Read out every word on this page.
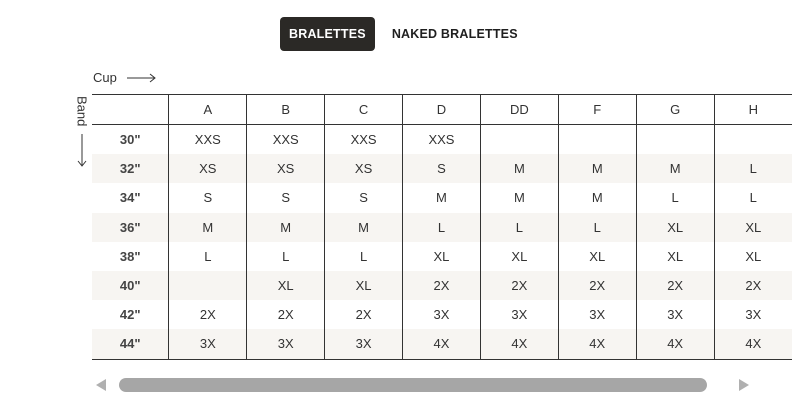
BRALETTES	NAKED BRALETTES
Cup
Band
		A	B	C	D	DD	F	G	H
30"	XXS	XXS	XXS	XXS				
32"	XS	XS	XS	S	M	M	M	L
34"	S	S	S	M	M	M	L	L
36"	M	M	M	L	L	L	XL	XL
38"	L	L	L	XL	XL	XL	XL	XL
40"		XL	XL	2X	2X	2X	2X	2X
42"	2X	2X	2X	3X	3X	3X	3X	3X
44"	3X	3X	3X	4X	4X	4X	4X	4X
